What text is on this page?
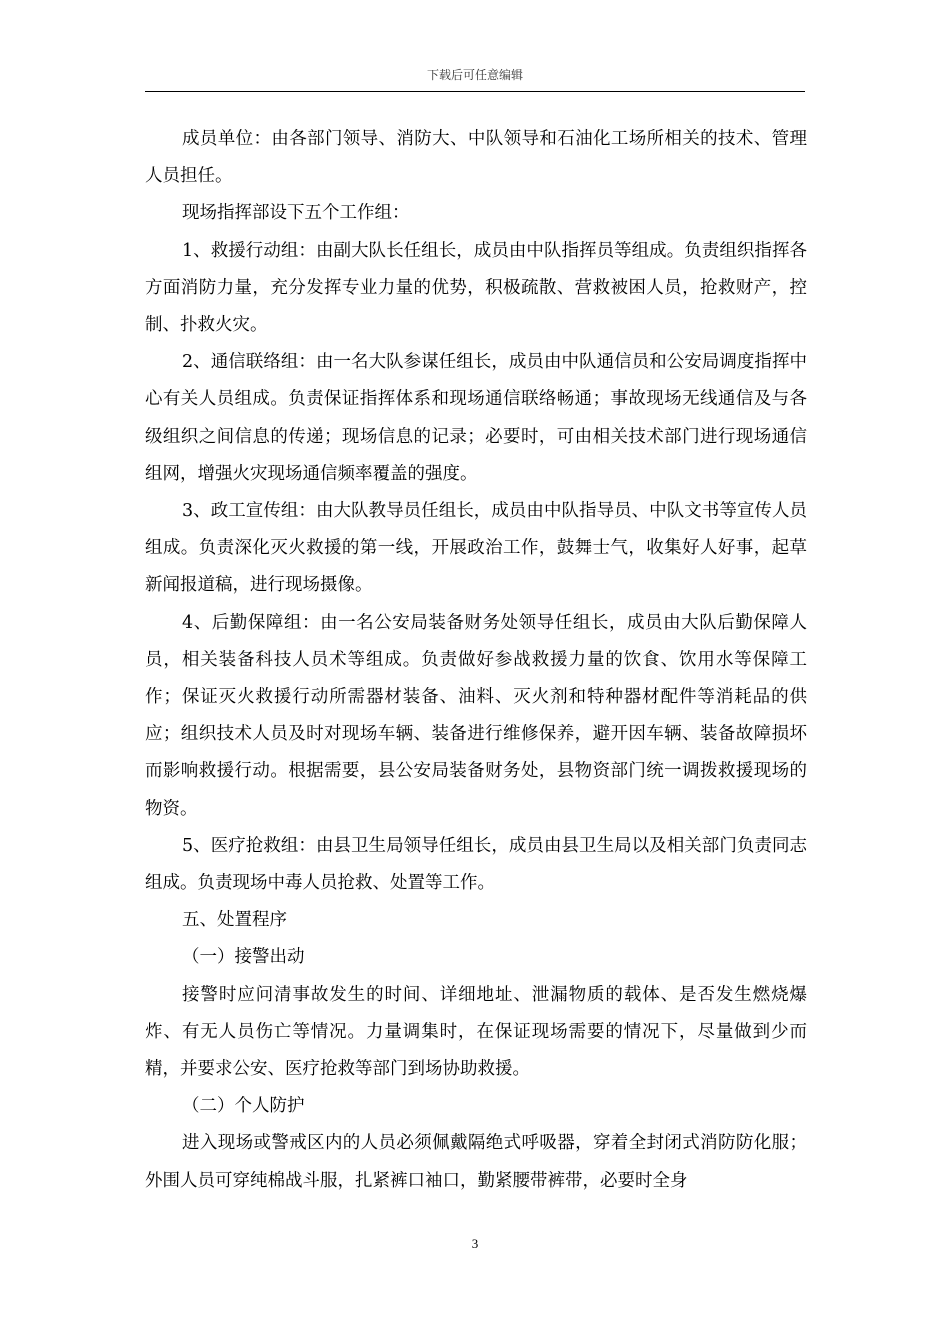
下载后可任意编辑

成员单位：由各部门领导、消防大、中队领导和石油化工场所相关的技术、管理人员担任。

现场指挥部设下五个工作组：

1、救援行动组：由副大队长任组长，成员由中队指挥员等组成。负责组织指挥各方面消防力量，充分发挥专业力量的优势，积极疏散、营救被困人员，抢救财产，控制、扑救火灾。

2、通信联络组：由一名大队参谋任组长，成员由中队通信员和公安局调度指挥中心有关人员组成。负责保证指挥体系和现场通信联络畅通；事故现场无线通信及与各级组织之间信息的传递；现场信息的记录；必要时，可由相关技术部门进行现场通信组网，增强火灾现场通信频率覆盖的强度。

3、政工宣传组：由大队教导员任组长，成员由中队指导员、中队文书等宣传人员组成。负责深化灭火救援的第一线，开展政治工作，鼓舞士气，收集好人好事，起草新闻报道稿，进行现场摄像。

4、后勤保障组：由一名公安局装备财务处领导任组长，成员由大队后勤保障人员，相关装备科技人员术等组成。负责做好参战救援力量的饮食、饮用水等保障工作；保证灭火救援行动所需器材装备、油料、灭火剂和特种器材配件等消耗品的供应；组织技术人员及时对现场车辆、装备进行维修保养，避开因车辆、装备故障损坏而影响救援行动。根据需要，县公安局装备财务处，县物资部门统一调拨救援现场的物资。

5、医疗抢救组：由县卫生局领导任组长，成员由县卫生局以及相关部门负责同志组成。负责现场中毒人员抢救、处置等工作。

五、处置程序

（一）接警出动

接警时应问清事故发生的时间、详细地址、泄漏物质的载体、是否发生燃烧爆炸、有无人员伤亡等情况。力量调集时，在保证现场需要的情况下，尽量做到少而精，并要求公安、医疗抢救等部门到场协助救援。

（二）个人防护

进入现场或警戒区内的人员必须佩戴隔绝式呼吸器，穿着全封闭式消防防化服；外围人员可穿纯棉战斗服，扎紧裤口袖口，勤紧腰带裤带，必要时全身

3
